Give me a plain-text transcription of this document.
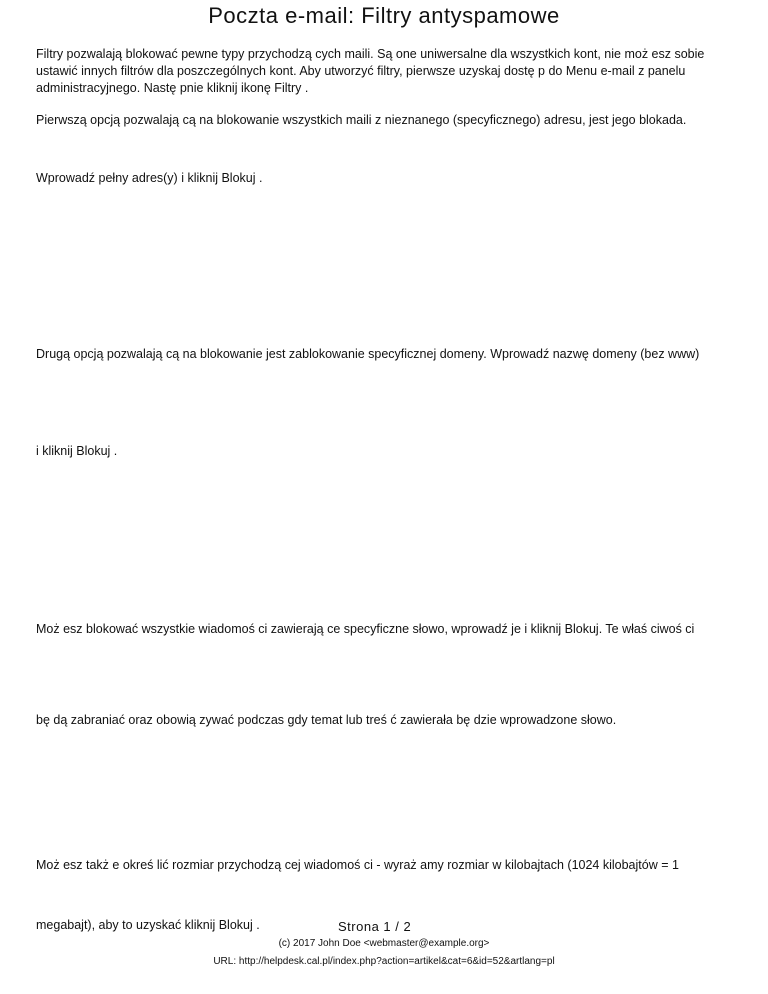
Poczta e-mail: Filtry antyspamowe
Filtry pozwalają blokować pewne typy przychodzą cych maili. Są one uniwersalne dla wszystkich kont, nie moż esz sobie
ustawić innych filtrów dla poszczególnych kont. Aby utworzyć filtry, pierwsze uzyskaj dostę p do Menu e-mail z panelu
administracyjnego. Nastę pnie kliknij ikonę Filtry .
Pierwszą opcją pozwalają cą na blokowanie wszystkich maili z nieznanego (specyficznego) adresu, jest jego blokada.
Wprowadź pełny adres(y) i kliknij Blokuj .
Drugą opcją pozwalają cą na blokowanie jest zablokowanie specyficznej domeny. Wprowadź nazwę domeny (bez www)
i kliknij Blokuj .
Moż esz blokować wszystkie wiadomoś ci zawierają ce specyficzne słowo, wprowadź je i kliknij Blokuj. Te właś ciwoś ci
bę dą zabraniać oraz obowią zywać podczas gdy temat lub treś ć zawierała bę dzie wprowadzone słowo.
Moż esz takż e okreś lić rozmiar przychodzą cej wiadomoś ci - wyraż amy rozmiar w kilobajtach (1024 kilobajtów = 1
megabajt), aby to uzyskać kliknij Blokuj .	Strona 1 / 2
(c) 2017 John Doe <webmaster@example.org>
URL: http://helpdesk.cal.pl/index.php?action=artikel&cat=6&id=52&artlang=pl
